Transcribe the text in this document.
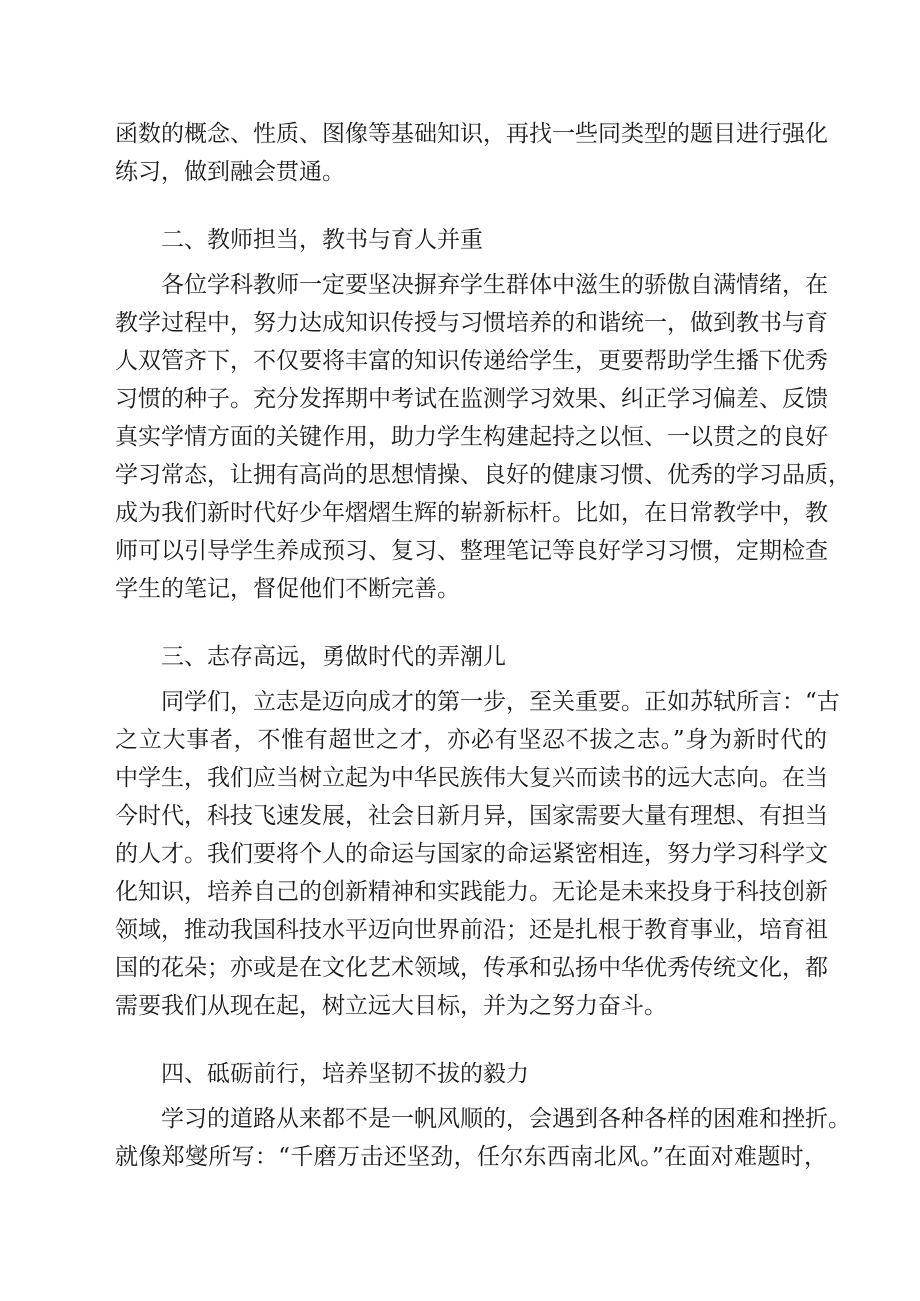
函数的概念、性质、图像等基础知识，再找一些同类型的题目进行强化
练习，做到融会贯通。
二、教师担当，教书与育人并重
各位学科教师一定要坚决摒弃学生群体中滋生的骄傲自满情绪，在
教学过程中，努力达成知识传授与习惯培养的和谐统一，做到教书与育
人双管齐下，不仅要将丰富的知识传递给学生，更要帮助学生播下优秀
习惯的种子。充分发挥期中考试在监测学习效果、纠正学习偏差、反馈
真实学情方面的关键作用，助力学生构建起持之以恒、一以贯之的良好
学习常态，让拥有高尚的思想情操、良好的健康习惯、优秀的学习品质，
成为我们新时代好少年熠熠生辉的崭新标杆。比如，在日常教学中，教
师可以引导学生养成预习、复习、整理笔记等良好学习习惯，定期检查
学生的笔记，督促他们不断完善。
三、志存高远，勇做时代的弄潮儿
同学们，立志是迈向成才的第一步，至关重要。正如苏轼所言：“古
之立大事者，不惟有超世之才，亦必有坚忍不拔之志。”身为新时代的
中学生，我们应当树立起为中华民族伟大复兴而读书的远大志向。在当
今时代，科技飞速发展，社会日新月异，国家需要大量有理想、有担当
的人才。我们要将个人的命运与国家的命运紧密相连，努力学习科学文
化知识，培养自己的创新精神和实践能力。无论是未来投身于科技创新
领域，推动我国科技水平迈向世界前沿；还是扎根于教育事业，培育祖
国的花朵；亦或是在文化艺术领域，传承和弘扬中华优秀传统文化，都
需要我们从现在起，树立远大目标，并为之努力奋斗。
四、砥砺前行，培养坚韧不拔的毅力
学习的道路从来都不是一帆风顺的，会遇到各种各样的困难和挫折。
就像郑燮所写：“千磨万击还坚劲，任尔东西南北风。”在面对难题时，
